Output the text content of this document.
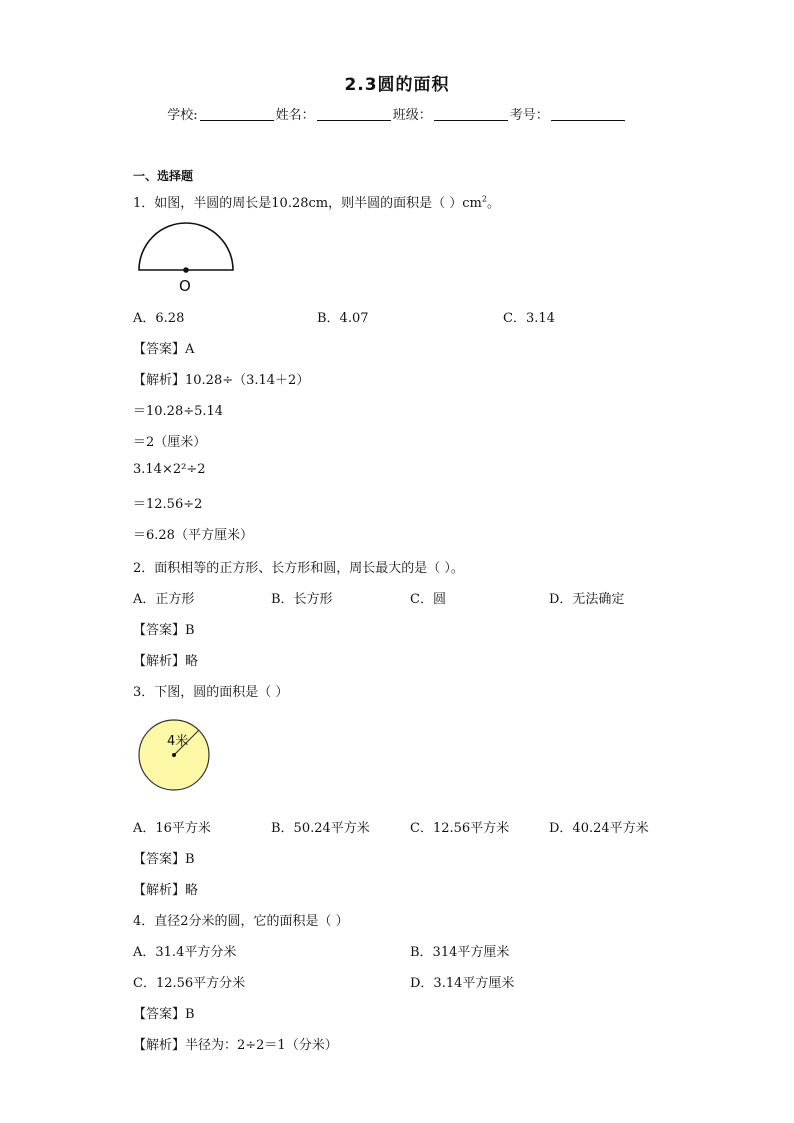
2.3圆的面积
学校:	姓名：	班级：	考号：
一、选择题
1．如图，半圆的周长是10.28cm，则半圆的面积是（ ）$cm^2$。
O
A．6.28	B．4.07	C．3.14
【答案】A
【解析】10.28÷（3.14＋2）
＝10.28÷5.14
＝2（厘米）
3.14×2²÷2
＝12.56÷2
＝6.28（平方厘米）
2．面积相等的正方形、长方形和圆，周长最大的是（ ）。
A．正方形	B．长方形	C．圆	D．无法确定
【答案】B
【解析】略
3．下图，圆的面积是（ ）
4米
A．16平方米	B．50.24平方米	C．12.56平方米	D．40.24平方米
【答案】B
【解析】略
4．直径2分米的圆，它的面积是（ ）
A．31.4平方分米	B．314平方厘米
C．12.56平方分米	D．3.14平方厘米
【答案】B
【解析】半径为：2÷2＝1（分米）
